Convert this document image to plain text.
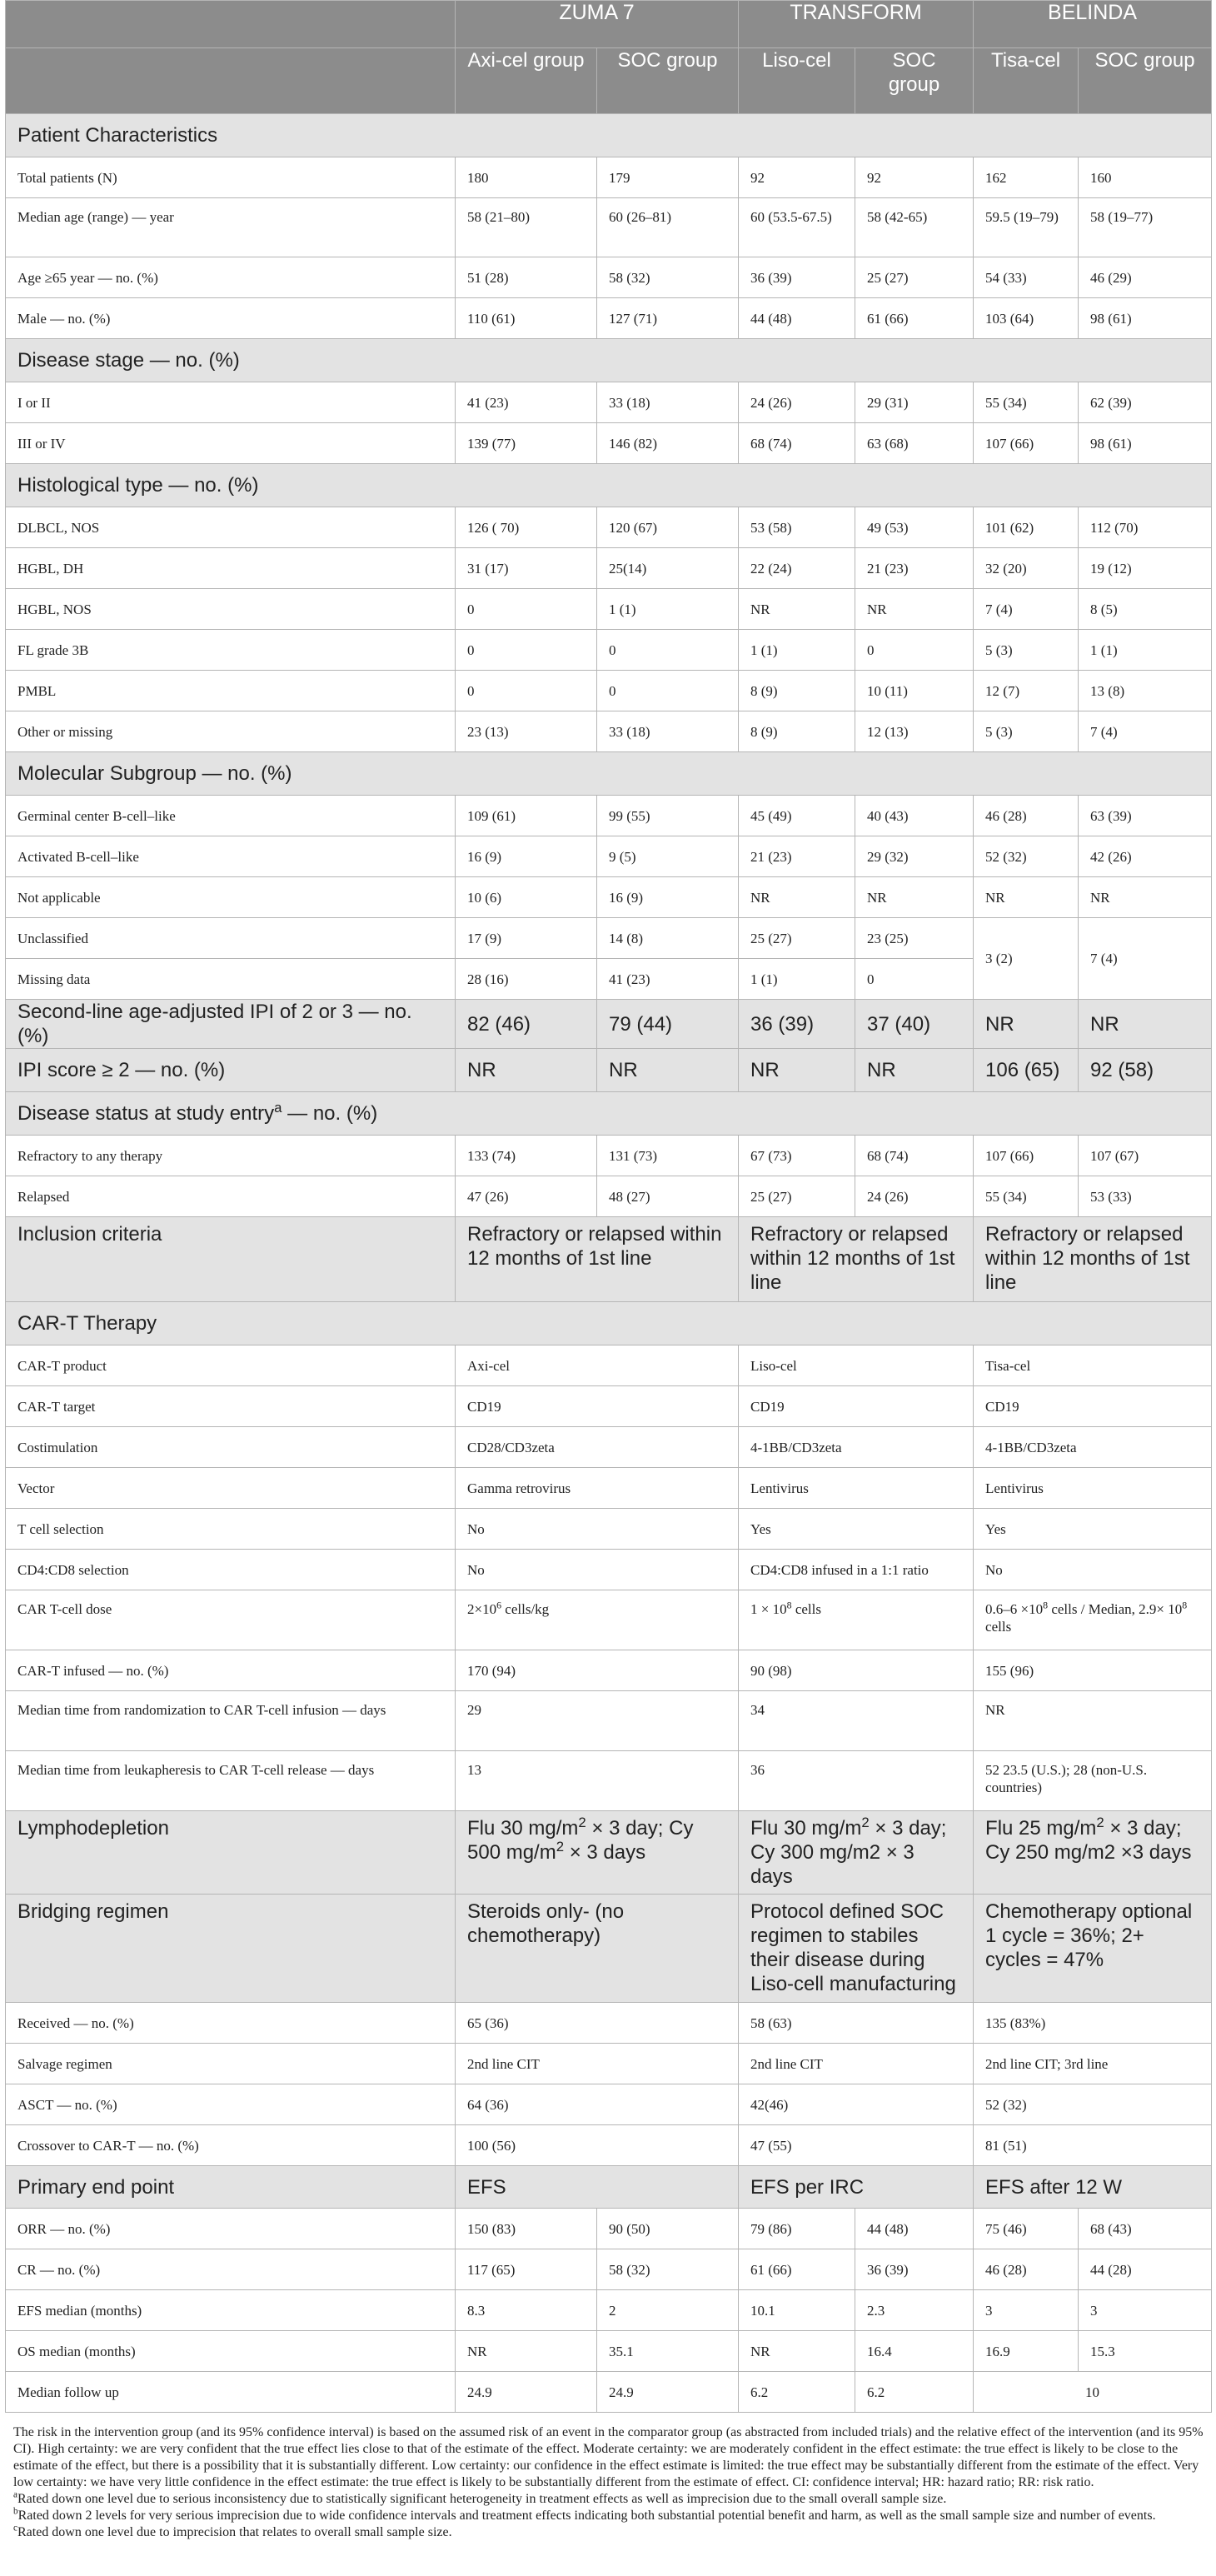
	ZUMA 7		TRANSFORM		BELINDA	
	Axi-cel group	SOC group	Liso-cel	SOC group	Tisa-cel	SOC group
Patient Characteristics						
Total patients (N)	180	179	92	92	162	160
Median age (range) — year	58 (21–80)	60 (26–81)	60 (53.5-67.5)	58 (42-65)	59.5 (19–79)	58 (19–77)
Age ≥65 year — no. (%)	51 (28)	58 (32)	36 (39)	25 (27)	54 (33)	46 (29)
Male — no. (%)	110 (61)	127 (71)	44 (48)	61 (66)	103 (64)	98 (61)
Disease stage — no. (%)						
I or II	41 (23)	33 (18)	24 (26)	29 (31)	55 (34)	62 (39)
III or IV	139 (77)	146 (82)	68 (74)	63 (68)	107 (66)	98 (61)
Histological type — no. (%)						
DLBCL, NOS	126 ( 70)	120 (67)	53 (58)	49 (53)	101 (62)	112 (70)
HGBL, DH	31 (17)	25(14)	22 (24)	21 (23)	32 (20)	19 (12)
HGBL, NOS	0	1 (1)	NR	NR	7 (4)	8 (5)
FL grade 3B	0	0	1 (1)	0	5 (3)	1 (1)
PMBL	0	0	8 (9)	10 (11)	12 (7)	13 (8)
Other or missing	23 (13)	33 (18)	8 (9)	12 (13)	5 (3)	7 (4)
Molecular Subgroup — no. (%)						
Germinal center B-cell–like	109 (61)	99 (55)	45 (49)	40 (43)	46 (28)	63 (39)
Activated B-cell–like	16 (9)	9 (5)	21 (23)	29 (32)	52 (32)	42 (26)
Not applicable	10 (6)	16 (9)	NR	NR	NR	NR
Unclassified	17 (9)	14 (8)	25 (27)	23 (25)	3 (2)	7 (4)
Missing data	28 (16)	41 (23)	1 (1)	0		
Second-line age-adjusted IPI of 2 or 3 — no. (%)	82 (46)	79 (44)	36 (39)	37 (40)	NR	NR
IPI score ≥ 2 — no. (%)	NR	NR	NR	NR	106 (65)	92 (58)
Disease status at study entry$^a$ — no. (%)						
Refractory to any therapy	133 (74)	131 (73)	67 (73)	68 (74)	107 (66)	107 (67)
Relapsed	47 (26)	48 (27)	25 (27)	24 (26)	55 (34)	53 (33)
Inclusion criteria	Refractory or relapsed within 12 months of 1st line		Refractory or relapsed within 12 months of 1st line		Refractory or relapsed within 12 months of 1st line	
CAR-T Therapy						
CAR-T product	Axi-cel		Liso-cel		Tisa-cel	
CAR-T target	CD19		CD19		CD19	
Costimulation	CD28/CD3zeta		4-1BB/CD3zeta		4-1BB/CD3zeta	
Vector	Gamma retrovirus		Lentivirus		Lentivirus	
T cell selection	No		Yes		Yes	
CD4:CD8 selection	No		CD4:CD8 infused in a 1:1 ratio		No	
CAR T-cell dose	$2\times 10^6$ cells/kg		$1 \times 10^8$ cells		$0.6-6 \times 10^8$ cells / Median, $2.9\times 10^8$ cells	
CAR-T infused — no. (%)	170 (94)		90 (98)		155 (96)	
Median time from randomization to CAR T-cell infusion — days	29		34		NR	
Median time from leukapheresis to CAR T-cell release — days	13		36		52 23.5 (U.S.); 28 (non-U.S. countries)	
Lymphodepletion	Flu 30 $mg/m^2 \times 3$ day; Cy 500 $mg/m^2 \times 3$ days		Flu 30 $mg/m^2 \times 3$ day; Cy 300 mg/m2 × 3 days		Flu 25 $mg/m^2 \times 3$ day; Cy 250 mg/m2 ×3 days	
Bridging regimen	Steroids only- (no chemotherapy)		Protocol defined SOC regimen to stabiles their disease during Liso-cell manufacturing		Chemotherapy optional 1 cycle = 36%; 2+ cycles = 47%	
Received — no. (%)	65 (36)		58 (63)		135 (83%)	
Salvage regimen	2nd line CIT		2nd line CIT		2nd line CIT; 3rd line	
ASCT — no. (%)	64 (36)		42(46)		52 (32)	
Crossover to CAR-T — no. (%)	100 (56)		47 (55)		81 (51)	
Primary end point	EFS		EFS per IRC		EFS after 12 W	
ORR — no. (%)	150 (83)	90 (50)	79 (86)	44 (48)	75 (46)	68 (43)
CR — no. (%)	117 (65)	58 (32)	61 (66)	36 (39)	46 (28)	44 (28)
EFS median (months)	8.3	2	10.1	2.3	3	3
OS median (months)	NR	35.1	NR	16.4	16.9	15.3
Median follow up	24.9	24.9	6.2	6.2	10	

The risk in the intervention group (and its 95% confidence interval) is based on the assumed risk of an event in the comparator group (as abstracted from included trials) and the relative effect of the intervention (and its 95% CI). High certainty: we are very confident that the true effect lies close to that of the estimate of the effect. Moderate certainty: we are moderately confident in the effect estimate: the true effect is likely to be close to the estimate of the effect, but there is a possibility that it is substantially different. Low certainty: our confidence in the effect estimate is limited: the true effect may be substantially different from the estimate of the effect. Very low certainty: we have very little confidence in the effect estimate: the true effect is likely to be substantially different from the estimate of effect. CI: confidence interval; HR: hazard ratio; RR: risk ratio.

$^a$Rated down one level due to serious inconsistency due to statistically significant heterogeneity in treatment effects as well as imprecision due to the small overall sample size.

$^b$Rated down 2 levels for very serious imprecision due to wide confidence intervals and treatment effects indicating both substantial potential benefit and harm, as well as the small sample size and number of events.

$^c$Rated down one level due to imprecision that relates to overall small sample size.
